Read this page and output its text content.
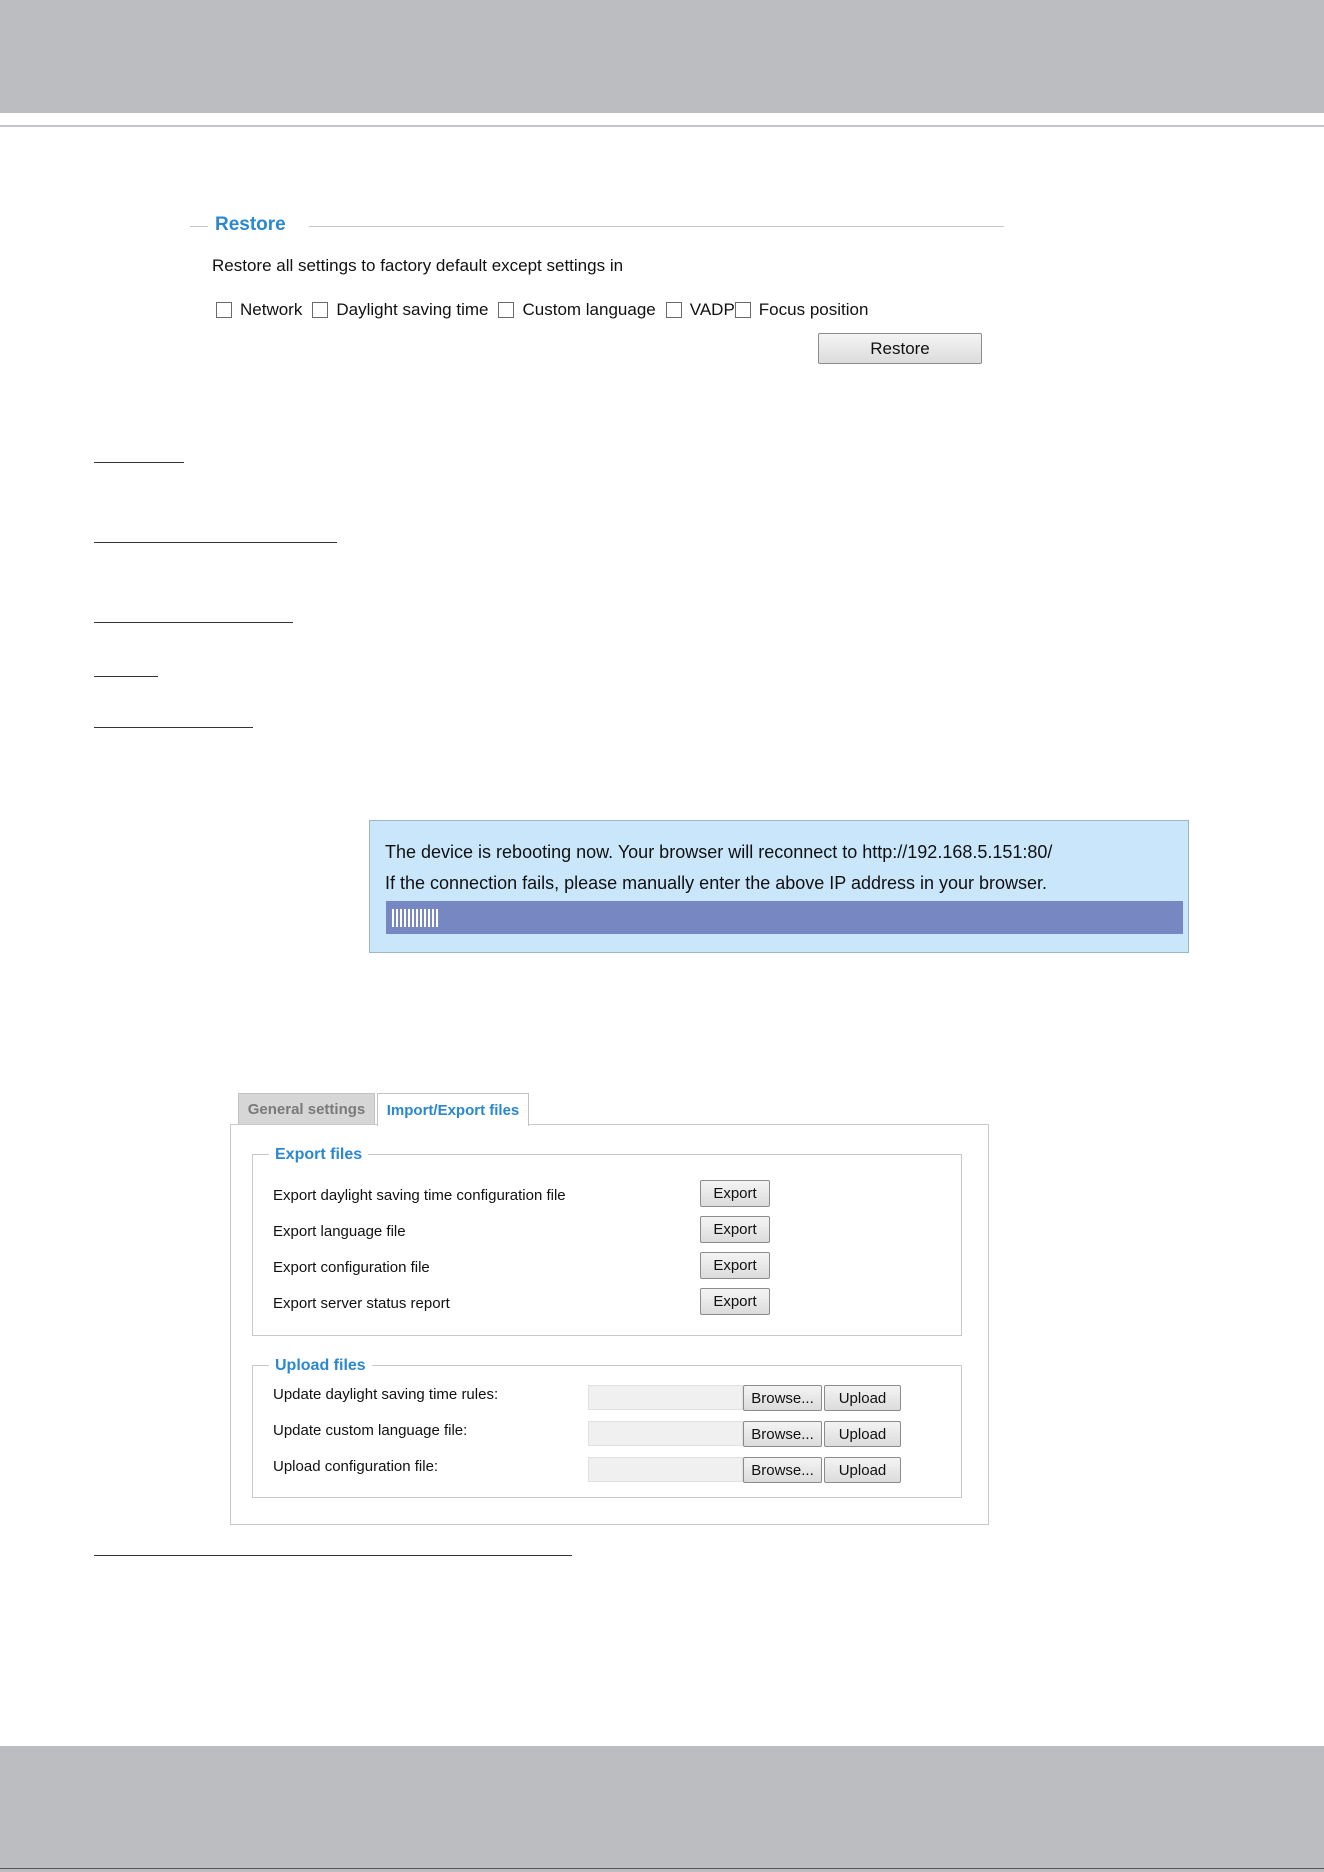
Restore
Restore all settings to factory default except settings in
Network Daylight saving time Custom language VADP Focus position
Restore
The device is rebooting now. Your browser will reconnect to http://192.168.5.151:80/
If the connection fails, please manually enter the above IP address in your browser.
General settings	Import/Export files
Export files
Export daylight saving time configuration file	Export
Export language file	Export
Export configuration file	Export
Export server status report	Export
Upload files
Update daylight saving time rules:	Browse...	Upload
Update custom language file:	Browse...	Upload
Upload configuration file:	Browse...	Upload
